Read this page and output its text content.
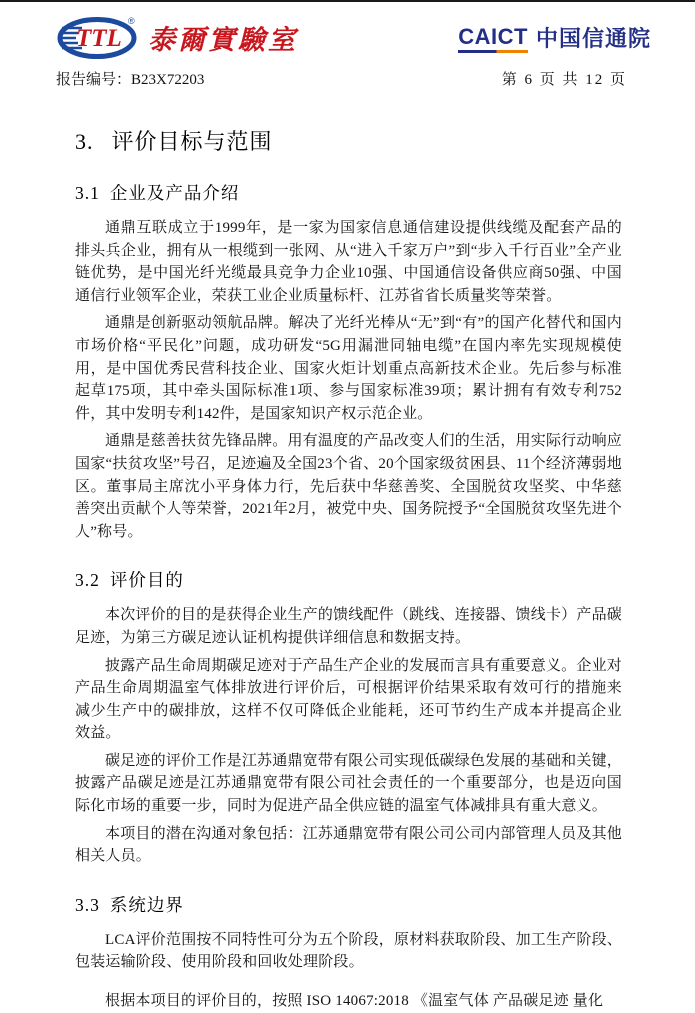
TTL
®
泰爾實驗室	CAICT 中国信通院
报告编号：B23X72203	第 6 页 共 12 页
3. 评价目标与范围
3.1 企业及产品介绍

通鼎互联成立于1999年，是一家为国家信息通信建设提供线缆及配套产品的排头兵企业，拥有从一根缆到一张网、从“进入千家万户”到“步入千行百业”全产业链优势，是中国光纤光缆最具竞争力企业10强、中国通信设备供应商50强、中国通信行业领军企业，荣获工业企业质量标杆、江苏省省长质量奖等荣誉。

通鼎是创新驱动领航品牌。解决了光纤光棒从“无”到“有”的国产化替代和国内市场价格“平民化”问题，成功研发“5G用漏泄同轴电缆”在国内率先实现规模使用，是中国优秀民营科技企业、国家火炬计划重点高新技术企业。先后参与标准起草175项，其中牵头国际标准1项、参与国家标准39项；累计拥有有效专利752件，其中发明专利142件，是国家知识产权示范企业。

通鼎是慈善扶贫先锋品牌。用有温度的产品改变人们的生活，用实际行动响应国家“扶贫攻坚”号召，足迹遍及全国23个省、20个国家级贫困县、11个经济薄弱地区。董事局主席沈小平身体力行，先后获中华慈善奖、全国脱贫攻坚奖、中华慈善突出贡献个人等荣誉，2021年2月，被党中央、国务院授予“全国脱贫攻坚先进个人”称号。

3.2 评价目的

本次评价的目的是获得企业生产的馈线配件（跳线、连接器、馈线卡）产品碳足迹，为第三方碳足迹认证机构提供详细信息和数据支持。

披露产品生命周期碳足迹对于产品生产企业的发展而言具有重要意义。企业对产品生命周期温室气体排放进行评价后，可根据评价结果采取有效可行的措施来减少生产中的碳排放，这样不仅可降低企业能耗，还可节约生产成本并提高企业效益。

碳足迹的评价工作是江苏通鼎宽带有限公司实现低碳绿色发展的基础和关键，披露产品碳足迹是江苏通鼎宽带有限公司社会责任的一个重要部分，也是迈向国际化市场的重要一步，同时为促进产品全供应链的温室气体减排具有重大意义。

本项目的潜在沟通对象包括：江苏通鼎宽带有限公司公司内部管理人员及其他相关人员。

3.3 系统边界

LCA评价范围按不同特性可分为五个阶段，原材料获取阶段、加工生产阶段、包装运输阶段、使用阶段和回收处理阶段。

根据本项目的评价目的，按照 ISO 14067:2018 《温室气体 产品碳足迹 量化
